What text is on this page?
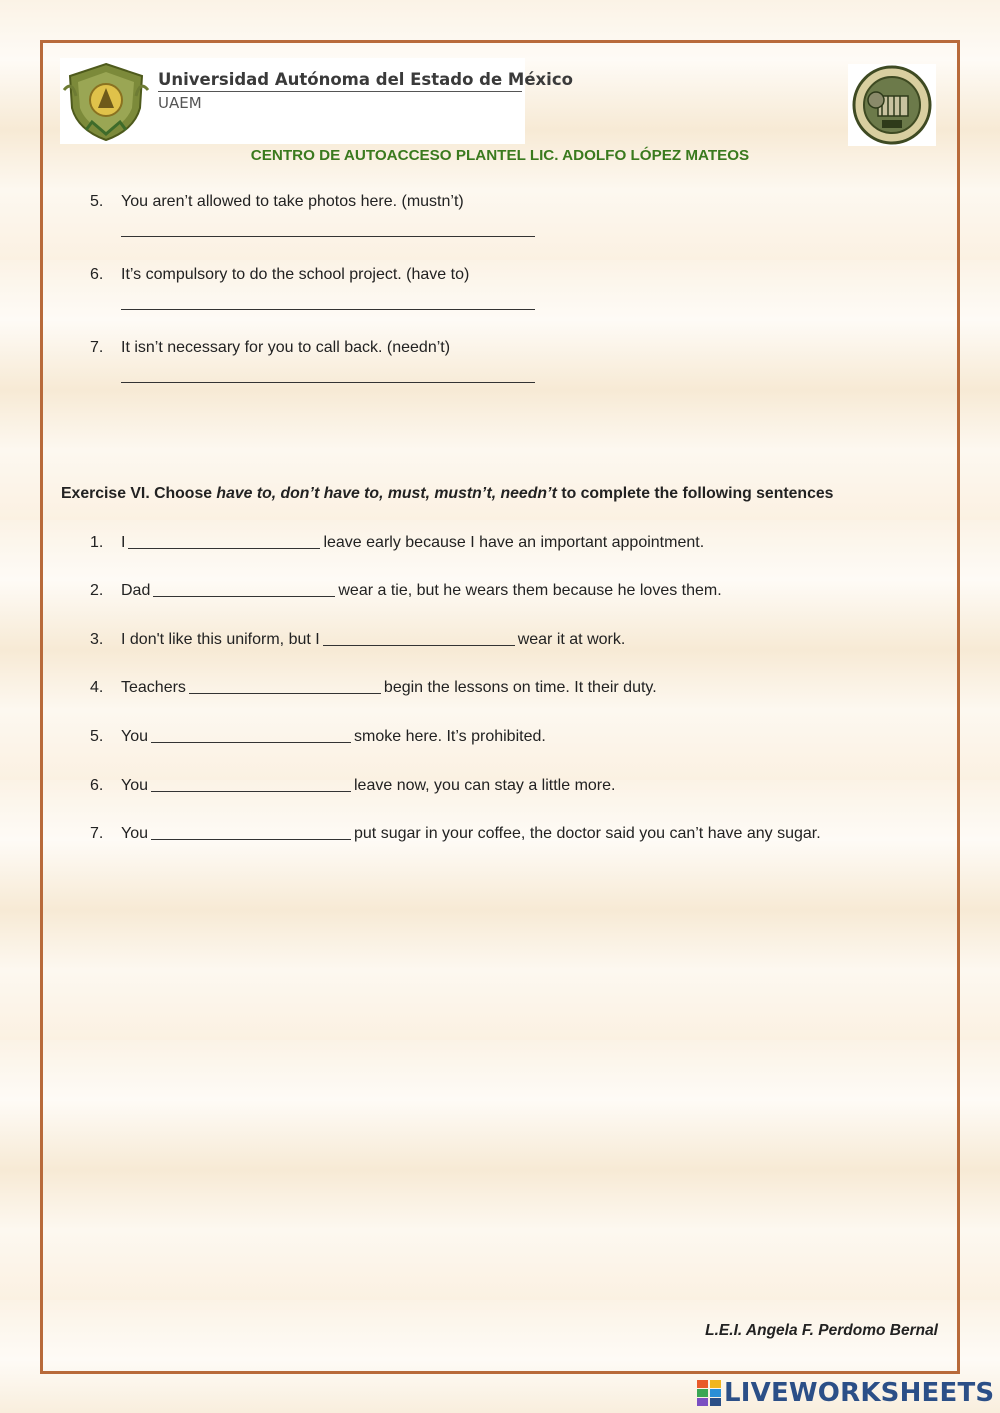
Universidad Autónoma del Estado de México
UAEM
CENTRO DE AUTOACCESO PLANTEL LIC. ADOLFO LÓPEZ MATEOS
5. You aren’t allowed to take photos here. (mustn’t)
6. It’s compulsory to do the school project. (have to)
7. It isn’t necessary for you to call back. (needn’t)
Exercise VI. Choose have to, don’t have to, must, mustn’t, needn’t to complete the following sentences
1. I	leave early because I have an important appointment.
2. Dad	wear a tie, but he wears them because he loves them.
3. I don't like this uniform, but I	wear it at work.
4. Teachers	begin the lessons on time. It their duty.
5. You	smoke here. It’s prohibited.
6. You	leave now, you can stay a little more.
7. You	put sugar in your coffee, the doctor said you can’t have any sugar.
L.E.I. Angela F. Perdomo Bernal
LIVEWORKSHEETS
